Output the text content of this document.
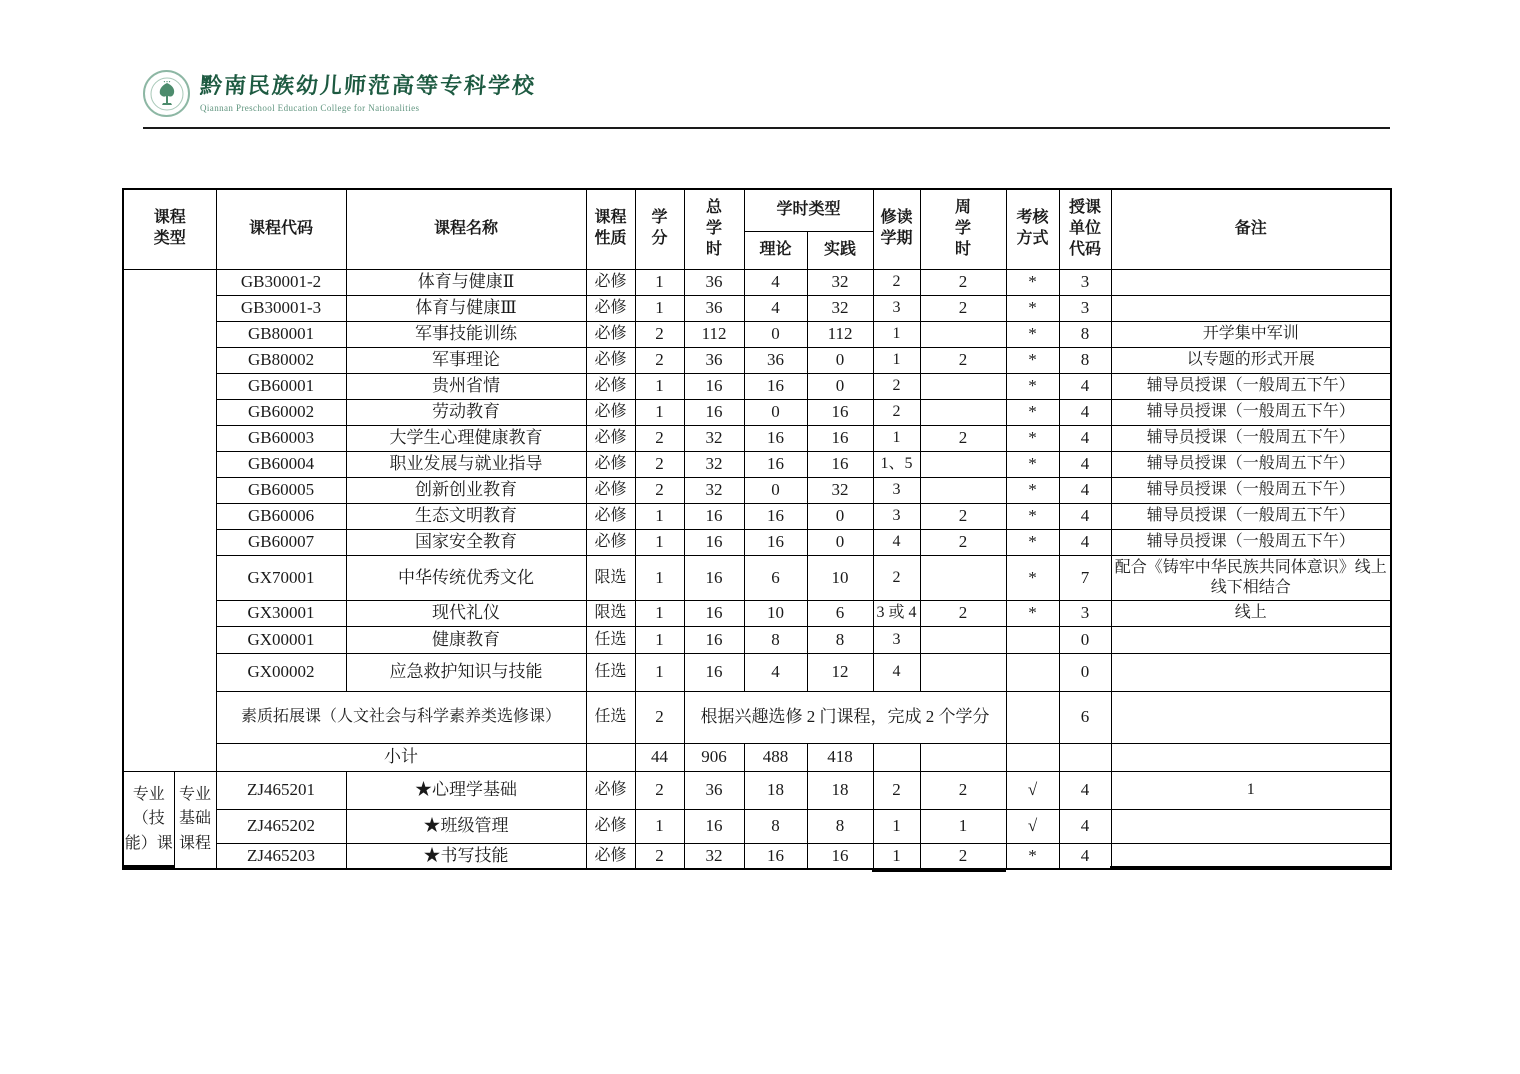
● ● ● 黔南民族幼儿师范高等专科学校
Qiannan Preschool Education College for Nationalities
课程类型		课程代码	课程名称	课程性质	学分	总学时	学时类型		修读学期	周学时	考核方式	授课单位代码	备注
							理论	实践					
		GB30001-2	体育与健康Ⅱ	必修	1	36	4	32	2	2	*	3	
		GB30001-3	体育与健康Ⅲ	必修	1	36	4	32	3	2	*	3	
		GB80001	军事技能训练	必修	2	112	0	112	1		*	8	开学集中军训
		GB80002	军事理论	必修	2	36	36	0	1	2	*	8	以专题的形式开展
		GB60001	贵州省情	必修	1	16	16	0	2		*	4	辅导员授课（一般周五下午）
		GB60002	劳动教育	必修	1	16	0	16	2		*	4	辅导员授课（一般周五下午）
		GB60003	大学生心理健康教育	必修	2	32	16	16	1	2	*	4	辅导员授课（一般周五下午）
		GB60004	职业发展与就业指导	必修	2	32	16	16	1、5		*	4	辅导员授课（一般周五下午）
		GB60005	创新创业教育	必修	2	32	0	32	3		*	4	辅导员授课（一般周五下午）
		GB60006	生态文明教育	必修	1	16	16	0	3	2	*	4	辅导员授课（一般周五下午）
		GB60007	国家安全教育	必修	1	16	16	0	4	2	*	4	辅导员授课（一般周五下午）
		GX70001	中华传统优秀文化	限选	1	16	6	10	2		*	7	配合《铸牢中华民族共同体意识》线上线下相结合
		GX30001	现代礼仪	限选	1	16	10	6	3 或 4	2	*	3	线上
		GX00001	健康教育	任选	1	16	8	8	3			0	
		GX00002	应急救护知识与技能	任选	1	16	4	12	4			0	
		素质拓展课（人文社会与科学素养类选修课）		任选	2	根据兴趣选修 2 门课程，完成 2 个学分						6	
		小计			44	906	488	418					
专业（技能）课	专业基础课程	ZJ465201	★心理学基础	必修	2	36	18	18	2	2	√	4	1
		ZJ465202	★班级管理	必修	1	16	8	8	1	1	√	4	
		ZJ465203	★书写技能	必修	2	32	16	16	1	2	*	4	
